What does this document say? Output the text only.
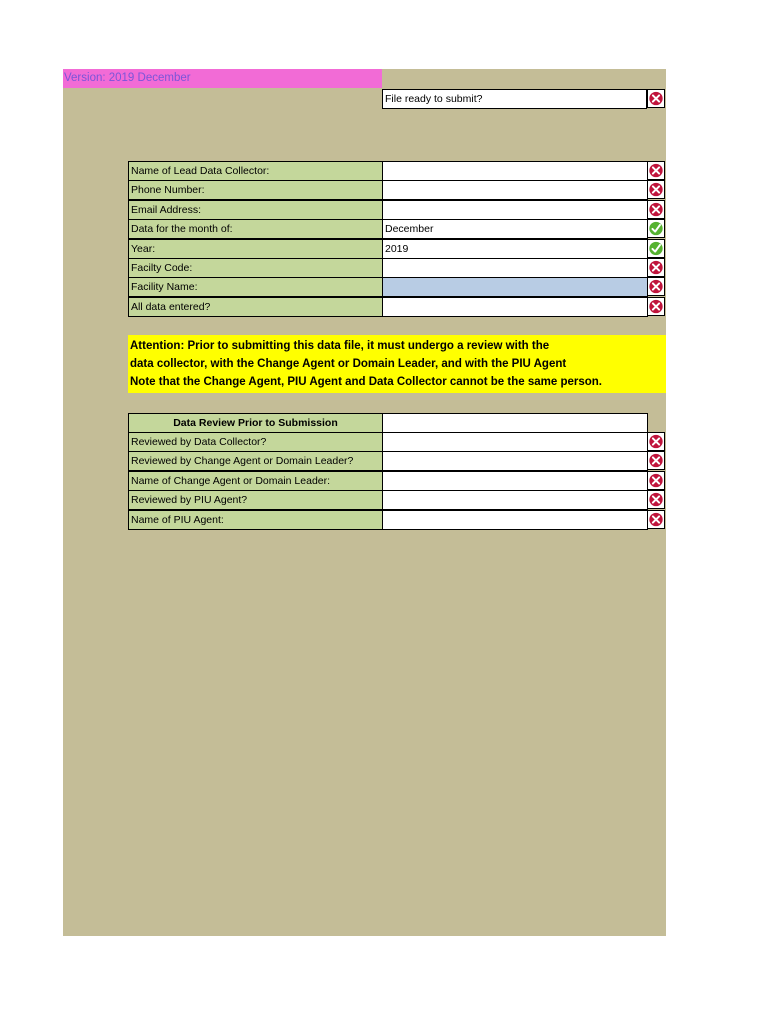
Version: 2019 December
File ready to submit?
Name of Lead Data Collector:
Phone Number:
Email Address:
Data for the month of:	December
Year:	2019
Facilty Code:
Facility Name:
All data entered?
Attention: Prior to submitting this data file, it must undergo a review with the
data collector, with the Change Agent or Domain Leader, and with the PIU Agent
Note that the Change Agent, PIU Agent and Data Collector cannot be the same person.
Data Review Prior to Submission
Reviewed by Data Collector?
Reviewed by Change Agent or Domain Leader?
Name of Change Agent or Domain Leader:
Reviewed by PIU Agent?
Name of PIU Agent:
